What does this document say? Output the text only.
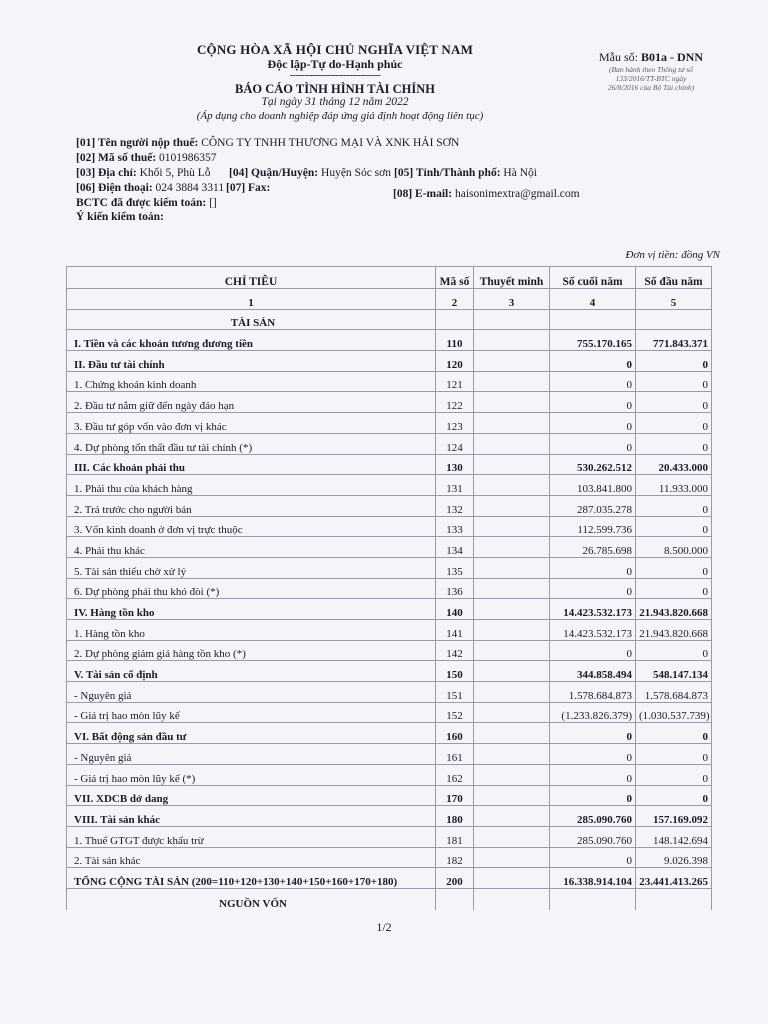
CỘNG HÒA XÃ HỘI CHỦ NGHĨA VIỆT NAM
Độc lập-Tự do-Hạnh phúc
--------------------------------
BÁO CÁO TÌNH HÌNH TÀI CHÍNH
Tại ngày 31 tháng 12 năm 2022
(Áp dụng cho doanh nghiệp đáp ứng giả định hoạt động liên tục)
Mẫu số: B01a - DNN
(Ban hành theo Thông tư số
133/2016/TT-BTC ngày
26/8/2016 của Bộ Tài chính)
[01] Tên người nộp thuế: CÔNG TY TNHH THƯƠNG MẠI VÀ XNK HẢI SƠN
[02] Mã số thuế: 0101986357
[03] Địa chỉ: Khối 5, Phù Lỗ [04] Quận/Huyện: Huyện Sóc sơn [05] Tỉnh/Thành phố: Hà Nội
[06] Điện thoại: 024 3884 3311 [07] Fax:	[08] E-mail: haisonimextra@gmail.com
BCTC đã được kiểm toán: []
Ý kiến kiểm toán:
Đơn vị tiền: đồng VN
CHỈ TIÊU	Mã số	Thuyết minh	Số cuối năm	Số đầu năm
1	2	3	4	5
TÀI SẢN				
I. Tiền và các khoản tương đương tiền	110		755.170.165	771.843.371
II. Đầu tư tài chính	120		0	0
1. Chứng khoán kinh doanh	121		0	0
2. Đầu tư nắm giữ đến ngày đáo hạn	122		0	0
3. Đầu tư góp vốn vào đơn vị khác	123		0	0
4. Dự phòng tổn thất đầu tư tài chính (*)	124		0	0
III. Các khoản phải thu	130		530.262.512	20.433.000
1. Phải thu của khách hàng	131		103.841.800	11.933.000
2. Trả trước cho người bán	132		287.035.278	0
3. Vốn kinh doanh ở đơn vị trực thuộc	133		112.599.736	0
4. Phải thu khác	134		26.785.698	8.500.000
5. Tài sản thiếu chờ xử lý	135		0	0
6. Dự phòng phải thu khó đòi (*)	136		0	0
IV. Hàng tồn kho	140		14.423.532.173	21.943.820.668
1. Hàng tồn kho	141		14.423.532.173	21.943.820.668
2. Dự phòng giảm giá hàng tồn kho (*)	142		0	0
V. Tài sản cố định	150		344.858.494	548.147.134
- Nguyên giá	151		1.578.684.873	1.578.684.873
- Giá trị hao mòn lũy kế	152		(1.233.826.379)	(1.030.537.739)
VI. Bất động sản đầu tư	160		0	0
- Nguyên giá	161		0	0
- Giá trị hao mòn lũy kế (*)	162		0	0
VII. XDCB dở dang	170		0	0
VIII. Tài sản khác	180		285.090.760	157.169.092
1. Thuế GTGT được khấu trừ	181		285.090.760	148.142.694
2. Tài sản khác	182		0	9.026.398
TỔNG CỘNG TÀI SẢN (200=110+120+130+140+150+160+170+180)	200		16.338.914.104	23.441.413.265
NGUỒN VỐN				
1/2
